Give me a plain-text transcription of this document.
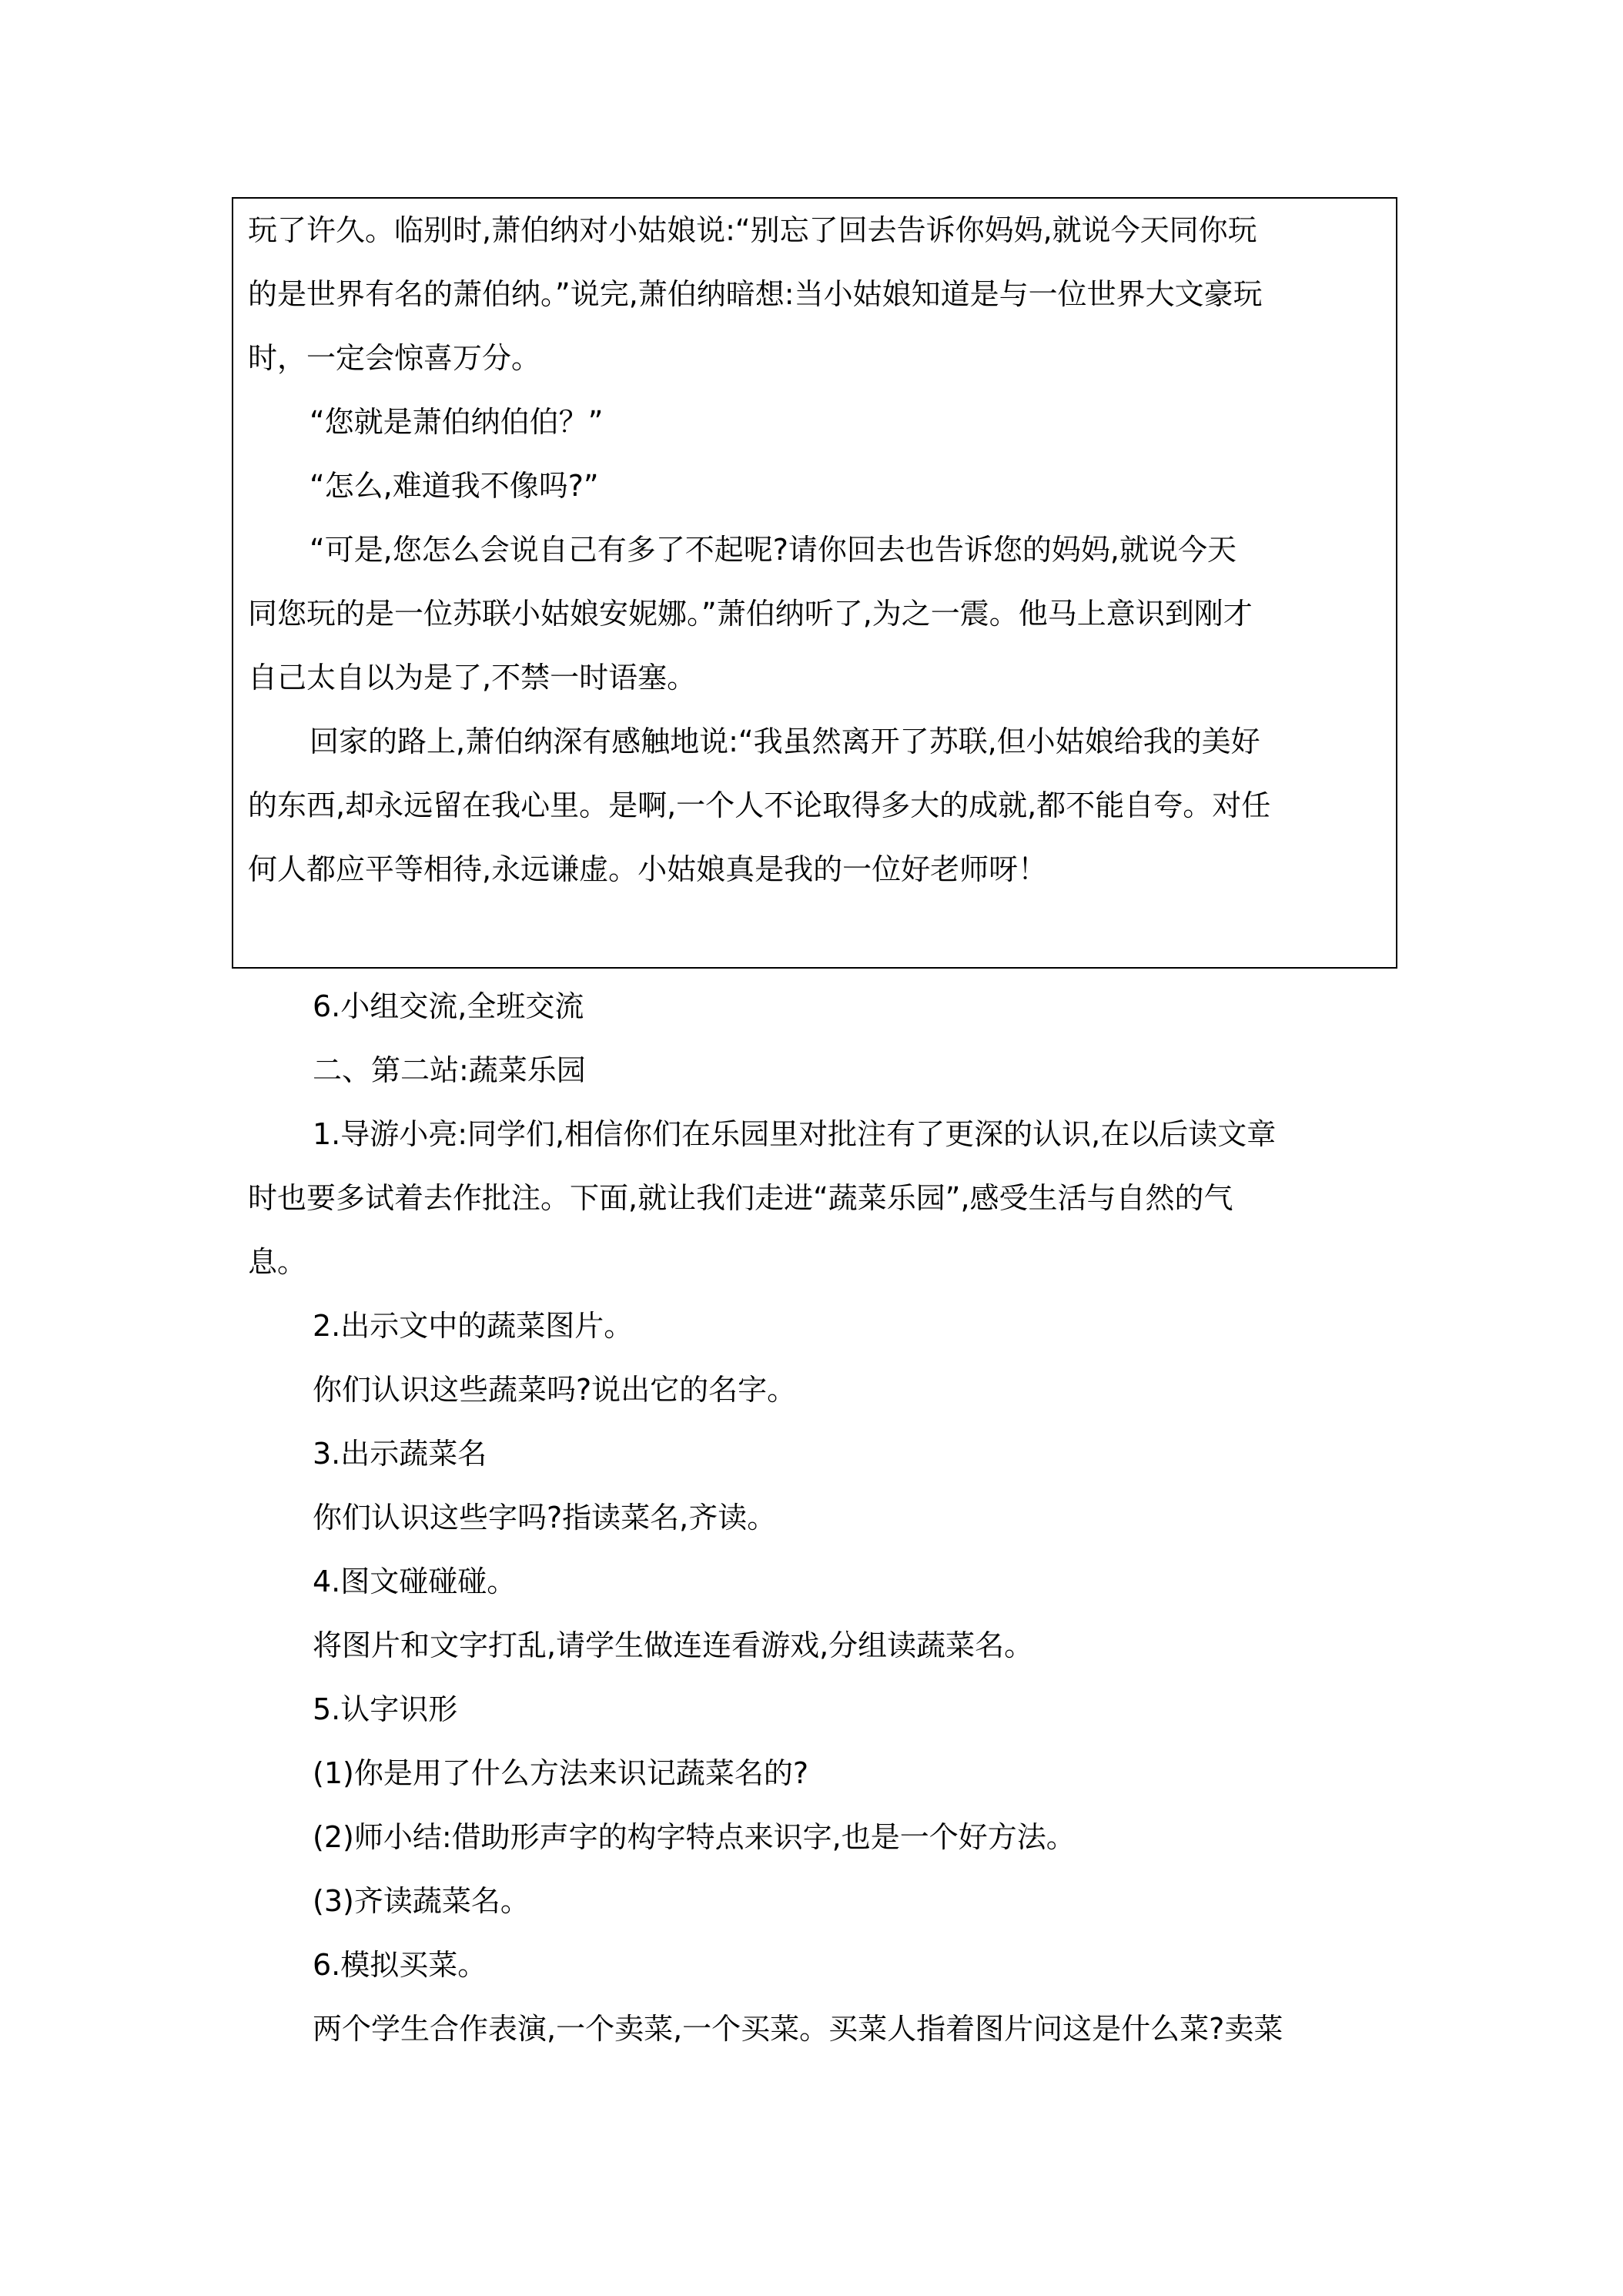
玩了许久。临别时,萧伯纳对小姑娘说:“别忘了回去告诉你妈妈,就说今天同你玩
的是世界有名的萧伯纳。”说完,萧伯纳暗想:当小姑娘知道是与一位世界大文豪玩
时，一定会惊喜万分。
“您就是萧伯纳伯伯？”
“怎么,难道我不像吗?”
“可是,您怎么会说自己有多了不起呢?请你回去也告诉您的妈妈,就说今天
同您玩的是一位苏联小姑娘安妮娜。”萧伯纳听了,为之一震。他马上意识到刚才
自己太自以为是了,不禁一时语塞。
回家的路上,萧伯纳深有感触地说:“我虽然离开了苏联,但小姑娘给我的美好
的东西,却永远留在我心里。是啊,一个人不论取得多大的成就,都不能自夸。对任
何人都应平等相待,永远谦虚。小姑娘真是我的一位好老师呀！
6.小组交流,全班交流
二、第二站:蔬菜乐园
1.导游小亮:同学们,相信你们在乐园里对批注有了更深的认识,在以后读文章
时也要多试着去作批注。下面,就让我们走进“蔬菜乐园”,感受生活与自然的气
息。
2.出示文中的蔬菜图片。
你们认识这些蔬菜吗?说出它的名字。
3.出示蔬菜名
你们认识这些字吗?指读菜名,齐读。
4.图文碰碰碰。
将图片和文字打乱,请学生做连连看游戏,分组读蔬菜名。
5.认字识形
(1)你是用了什么方法来识记蔬菜名的?
(2)师小结:借助形声字的构字特点来识字,也是一个好方法。
(3)齐读蔬菜名。
6.模拟买菜。
两个学生合作表演,一个卖菜,一个买菜。买菜人指着图片问这是什么菜?卖菜
